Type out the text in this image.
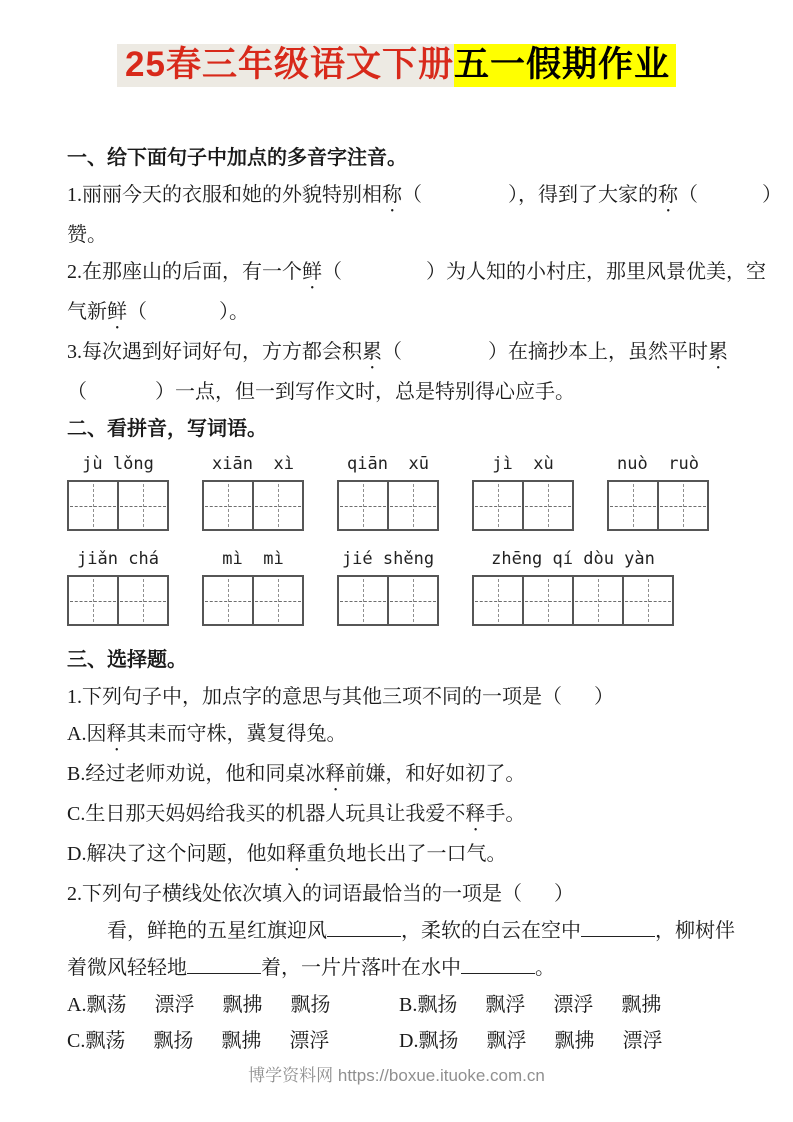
25春三年级语文下册五一假期作业
一、给下面句子中加点的多音字注音。
1.丽丽今天的衣服和她的外貌特别相称（	），得到了大家的称（	）
赞。
2.在那座山的后面，有一个鲜（	）为人知的小村庄，那里风景优美，空
气新鲜（	）。
3.每次遇到好词好句，方方都会积累（	）在摘抄本上，虽然平时累
（	）一点，但一到写作文时，总是特别得心应手。
二、看拼音，写词语。
jù lǒng	xiān  xì	qiān  xū	jì  xù	nuò  ruò
jiǎn chá	mì  mì	jié shěng	zhēng qí dòu yàn
三、选择题。
1.下列句子中，加点字的意思与其他三项不同的一项是（ ）
A.因释其耒而守株，冀复得兔。
B.经过老师劝说，他和同桌冰释前嫌，和好如初了。
C.生日那天妈妈给我买的机器人玩具让我爱不释手。
D.解决了这个问题，他如释重负地长出了一口气。
2.下列句子横线处依次填入的词语最恰当的一项是（ ）
　　看，鲜艳的五星红旗迎风	，柔软的白云在空中	，柳树伴
着微风轻轻地	着，一片片落叶在水中	。
A.飘荡 漂浮 飘拂 飘扬	B.飘扬 飘浮 漂浮 飘拂
C.飘荡 飘扬 飘拂 漂浮	D.飘扬 飘浮 飘拂 漂浮
博学资料网 https://boxue.ituoke.com.cn
